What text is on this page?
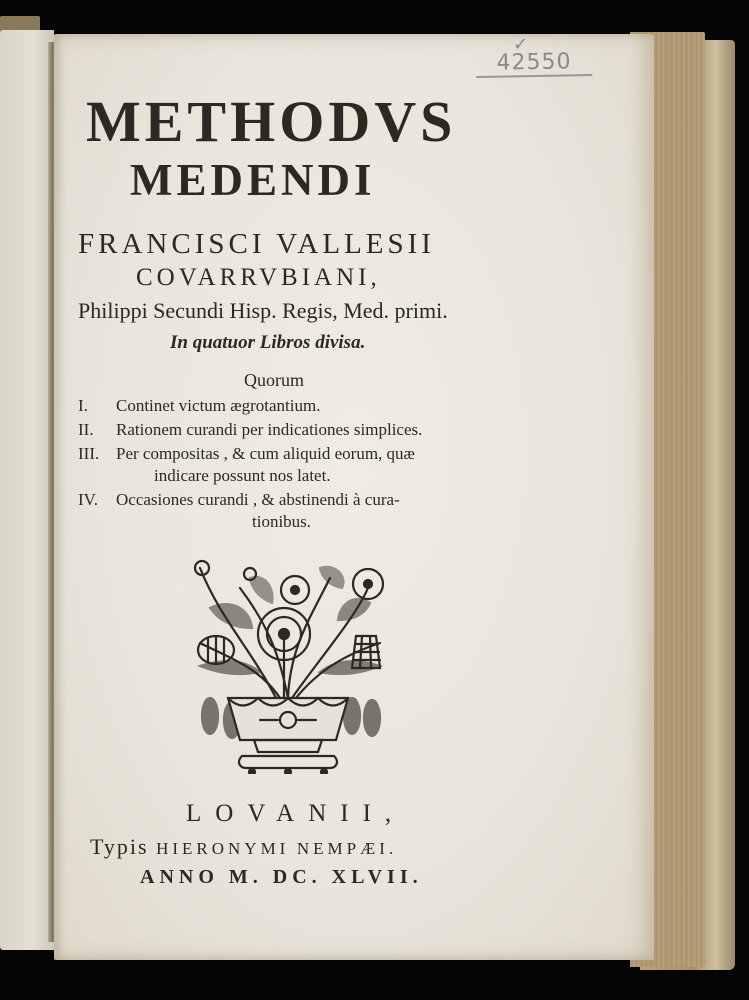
✓
42550
METHODVS
MEDENDI
FRANCISCI VALLESII
COVARRVBIANI,
Philippi Secundi Hisp. Regis, Med. primi.
In quatuor Libros divisa.
Quorum
I. Continet victum ægrotantium.
II. Rationem curandi per indicationes simplices.
III. Per compositas , & cum aliquid eorum, quæ
indicare possunt nos latet.
IV. Occasiones curandi , & abstinendi à cura-
tionibus.
LOVANII,
Typis HIERONYMI NEMPÆI.
ANNO M. DC. XLVII.
